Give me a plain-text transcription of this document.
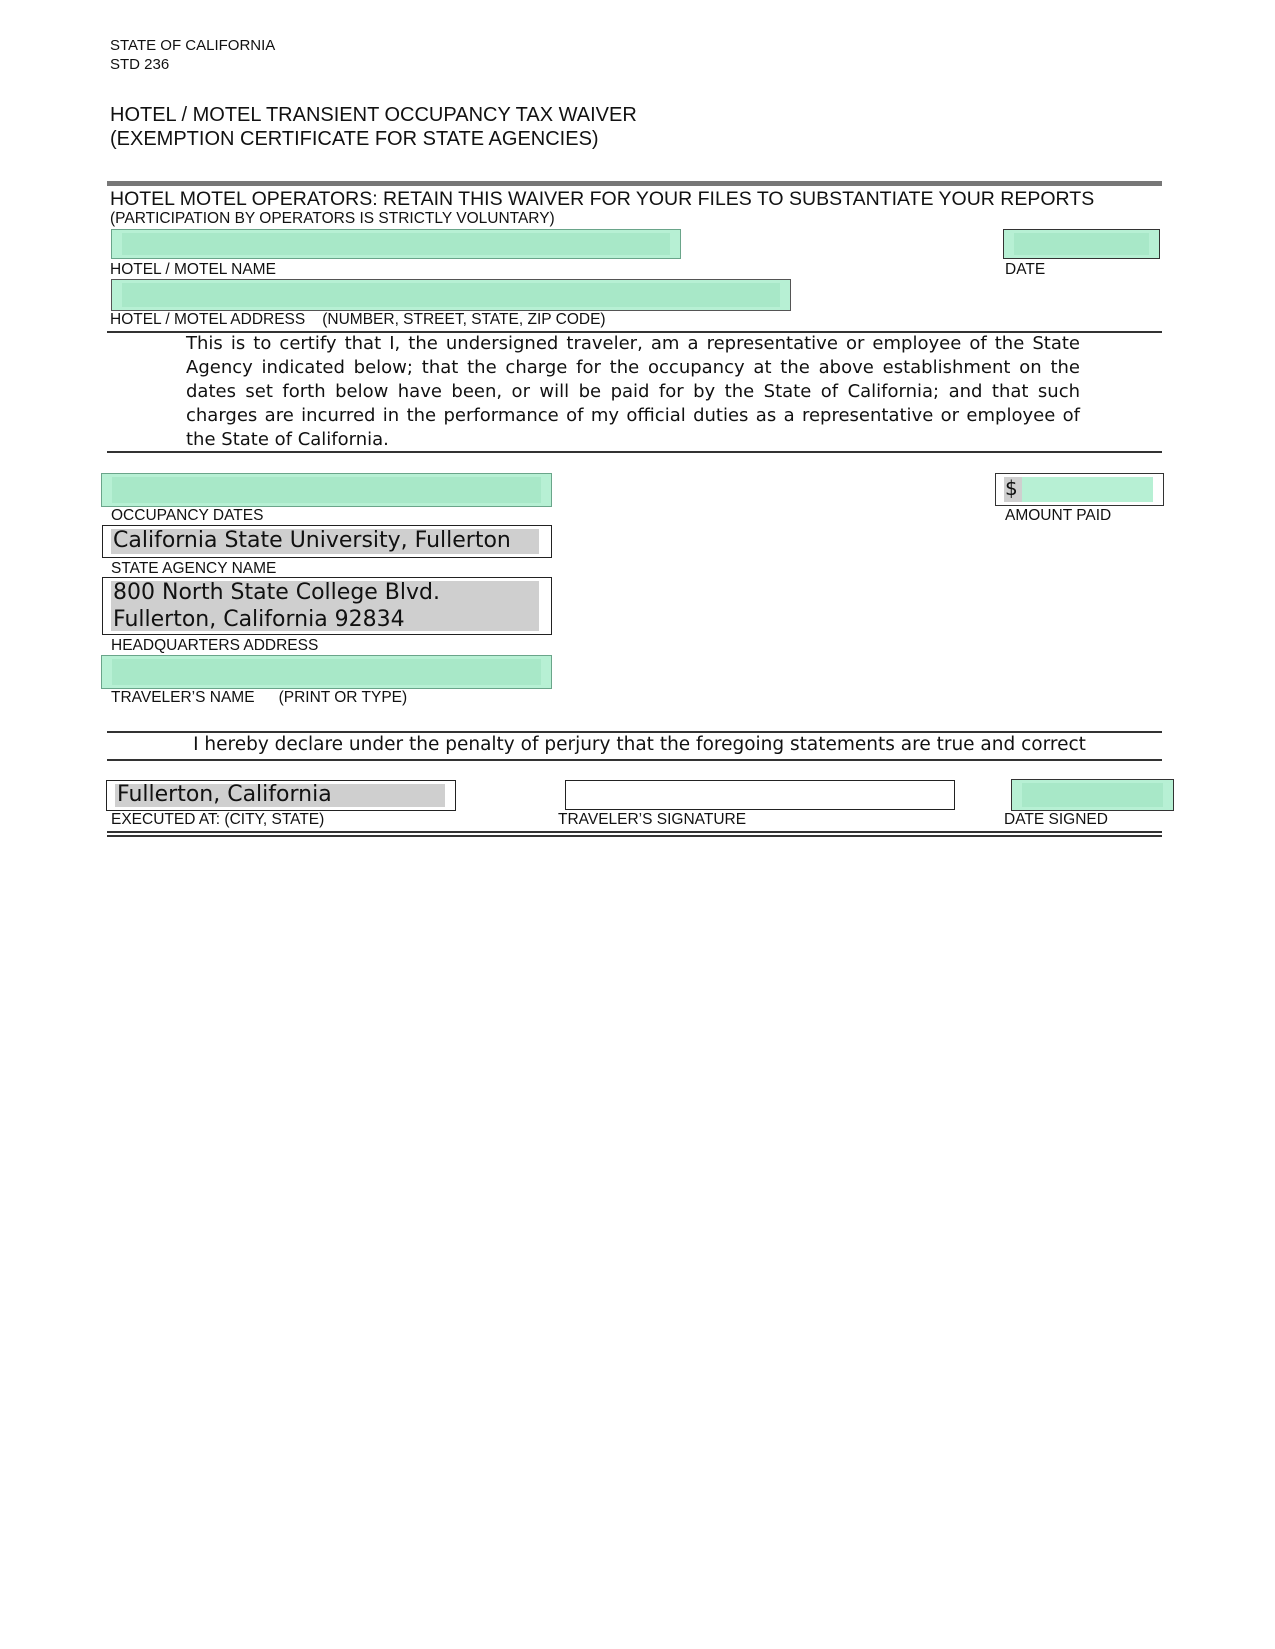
STATE OF CALIFORNIA
STD 236
HOTEL / MOTEL TRANSIENT OCCUPANCY TAX WAIVER
(EXEMPTION CERTIFICATE FOR STATE AGENCIES)
HOTEL MOTEL OPERATORS: RETAIN THIS WAIVER FOR YOUR FILES TO SUBSTANTIATE YOUR REPORTS
(PARTICIPATION BY OPERATORS IS STRICTLY VOLUNTARY)
HOTEL / MOTEL NAME	DATE
HOTEL / MOTEL ADDRESS (NUMBER, STREET, STATE, ZIP CODE)
This is to certify that I, the undersigned traveler, am a representative or employee of the State Agency indicated below; that the charge for the occupancy at the above establishment on the dates set forth below have been, or will be paid for by the State of California; and that such charges are incurred in the performance of my official duties as a representative or employee of the State of California.
OCCUPANCY DATES
$
AMOUNT PAID
California State University, Fullerton
STATE AGENCY NAME
800 North State College Blvd.
Fullerton, California 92834
HEADQUARTERS ADDRESS
TRAVELER’S NAME (PRINT OR TYPE)
I hereby declare under the penalty of perjury that the foregoing statements are true and correct
Fullerton, California
EXECUTED AT: (CITY, STATE)	TRAVELER’S SIGNATURE	DATE SIGNED
